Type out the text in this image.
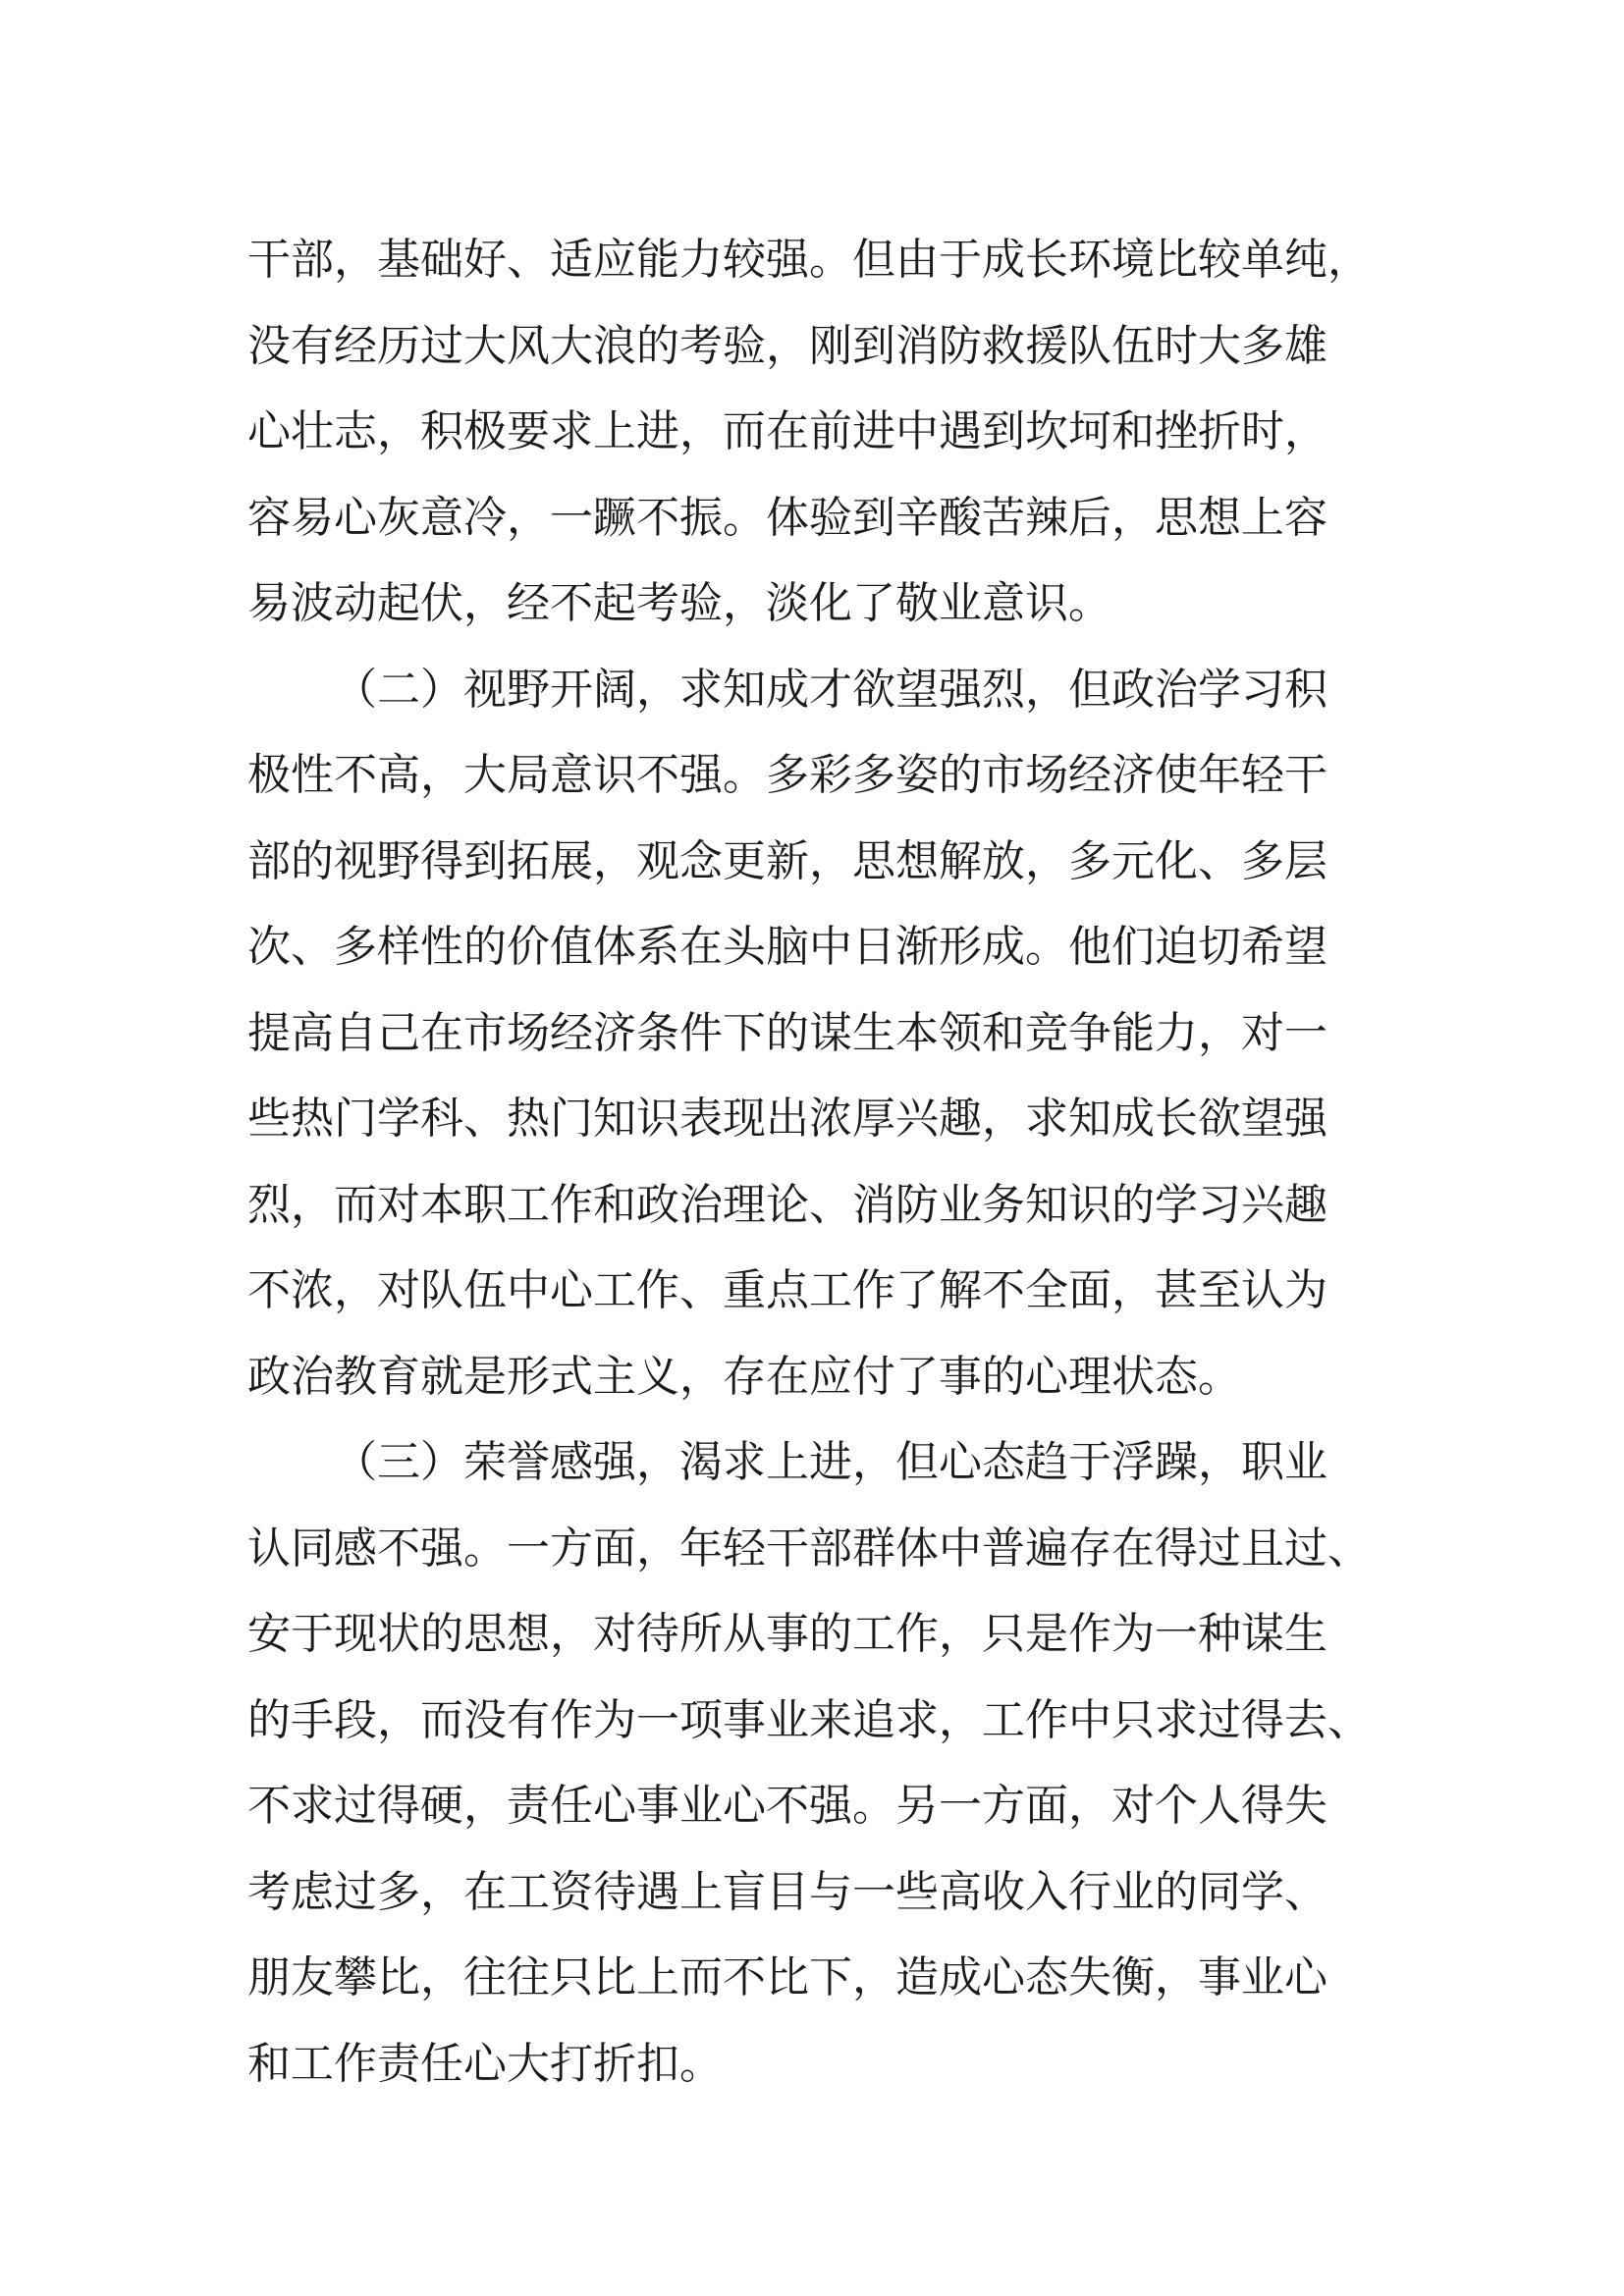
干部，基础好、适应能力较强。但由于成长环境比较单纯，
没有经历过大风大浪的考验，刚到消防救援队伍时大多雄
心壮志，积极要求上进，而在前进中遇到坎坷和挫折时，
容易心灰意冷，一蹶不振。体验到辛酸苦辣后，思想上容
易波动起伏，经不起考验，淡化了敬业意识。
（二）视野开阔，求知成才欲望强烈，但政治学习积
极性不高，大局意识不强。多彩多姿的市场经济使年轻干
部的视野得到拓展，观念更新，思想解放，多元化、多层
次、多样性的价值体系在头脑中日渐形成。他们迫切希望
提高自己在市场经济条件下的谋生本领和竞争能力，对一
些热门学科、热门知识表现出浓厚兴趣，求知成长欲望强
烈，而对本职工作和政治理论、消防业务知识的学习兴趣
不浓，对队伍中心工作、重点工作了解不全面，甚至认为
政治教育就是形式主义，存在应付了事的心理状态。
（三）荣誉感强，渴求上进，但心态趋于浮躁，职业
认同感不强。一方面，年轻干部群体中普遍存在得过且过、
安于现状的思想，对待所从事的工作，只是作为一种谋生
的手段，而没有作为一项事业来追求，工作中只求过得去、
不求过得硬，责任心事业心不强。另一方面，对个人得失
考虑过多，在工资待遇上盲目与一些高收入行业的同学、
朋友攀比，往往只比上而不比下，造成心态失衡，事业心
和工作责任心大打折扣。
